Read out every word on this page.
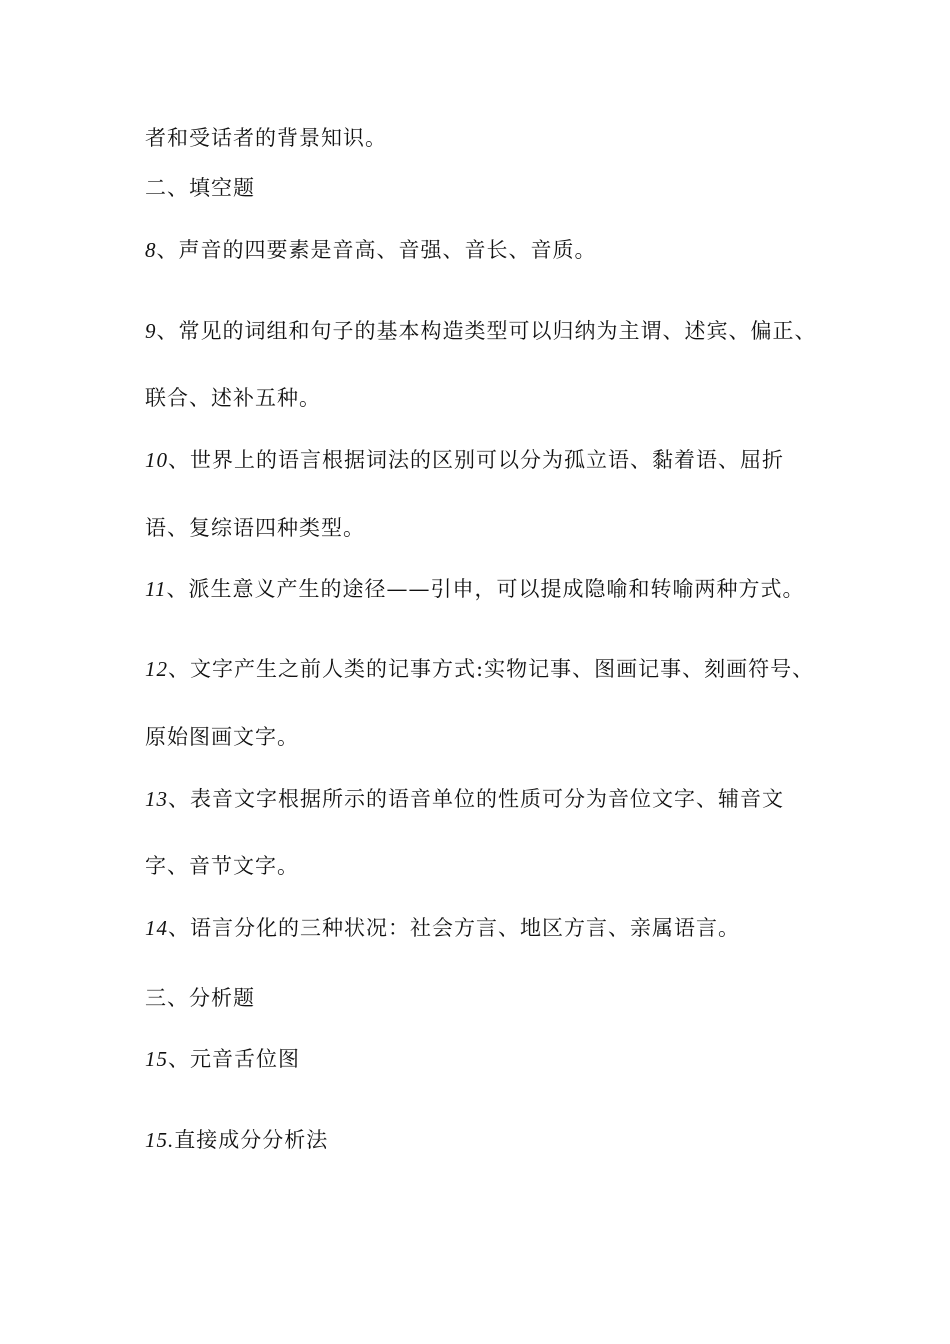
者和受话者的背景知识。
二、填空题
8、声音的四要素是音高、音强、音长、音质。
9、常见的词组和句子的基本构造类型可以归纳为主谓、述宾、偏正、
联合、述补五种。
10、世界上的语言根据词法的区别可以分为孤立语、黏着语、屈折
语、复综语四种类型。
11、派生意义产生的途径——引申，可以提成隐喻和转喻两种方式。
12、文字产生之前人类的记事方式:实物记事、图画记事、刻画符号、
原始图画文字。
13、表音文字根据所示的语音单位的性质可分为音位文字、辅音文
字、音节文字。
14、语言分化的三种状况：社会方言、地区方言、亲属语言。
三、分析题
15、元音舌位图
15.直接成分分析法
